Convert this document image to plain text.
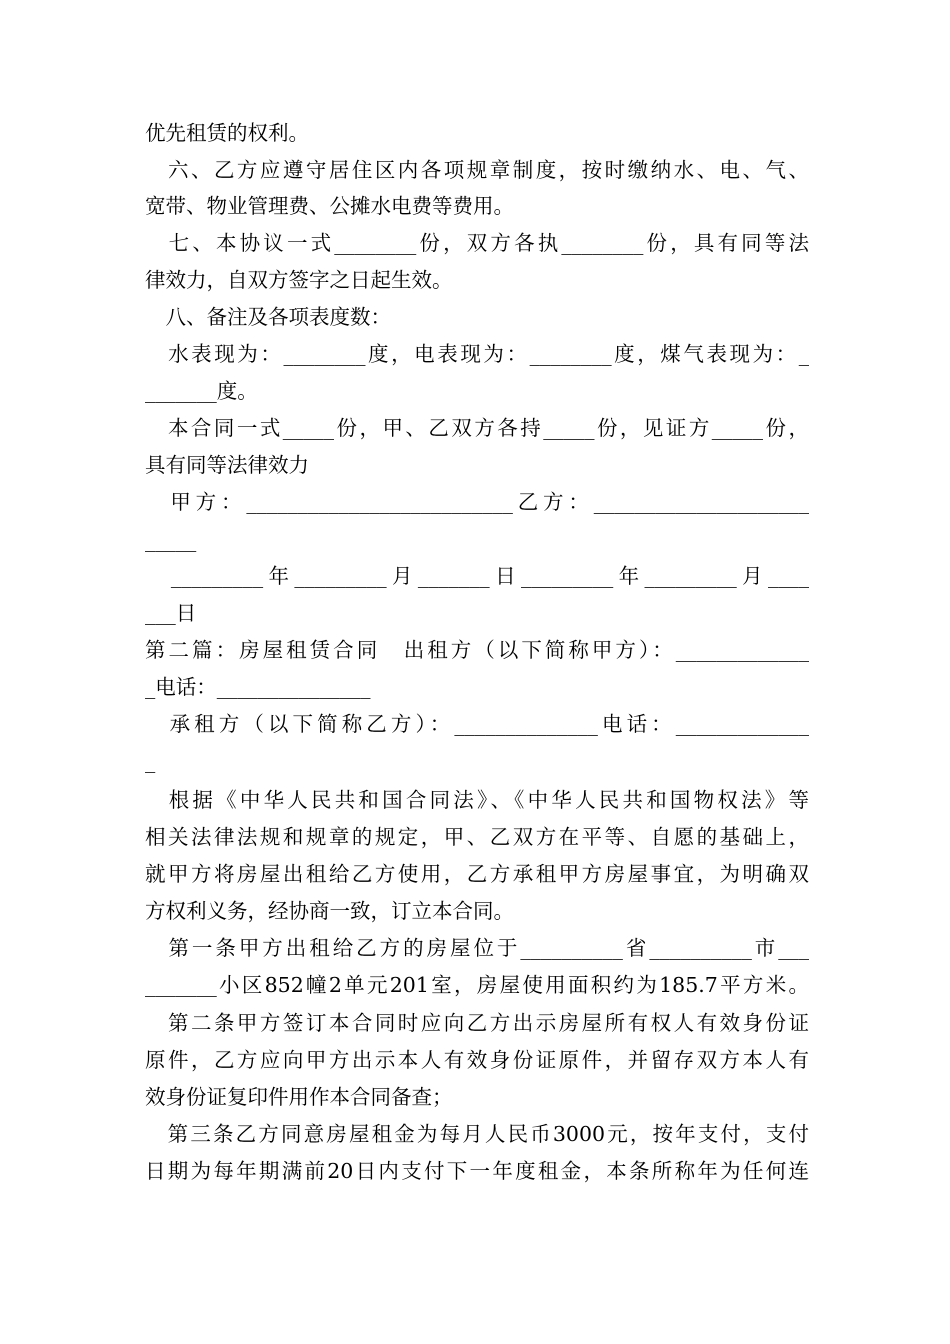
优先租赁的权利。
　六、乙方应遵守居住区内各项规章制度，按时缴纳水、电、气、
宽带、物业管理费、公摊水电费等费用。
　七、本协议一式________份，双方各执________份，具有同等法
律效力，自双方签字之日起生效。
　八、备注及各项表度数：
　水表现为：________度，电表现为：________度，煤气表现为：_
_______度。
　本合同一式_____份，甲、乙双方各持_____份，见证方_____份，
具有同等法律效力
　甲方：__________________________乙方：_____________________
_____
　_________年_________月_______日_________年_________月____
___日
第二篇：房屋租赁合同　出租方（以下简称甲方）：_____________
_电话：_______________
　承租方（以下简称乙方）：______________电话：_____________
_
　根据《中华人民共和国合同法》、《中华人民共和国物权法》等
相关法律法规和规章的规定，甲、乙双方在平等、自愿的基础上，
就甲方将房屋出租给乙方使用，乙方承租甲方房屋事宜，为明确双
方权利义务，经协商一致，订立本合同。
　第一条甲方出租给乙方的房屋位于__________省__________市___
_______小区852幢2单元201室，房屋使用面积约为185.7平方米。
　第二条甲方签订本合同时应向乙方出示房屋所有权人有效身份证
原件，乙方应向甲方出示本人有效身份证原件，并留存双方本人有
效身份证复印件用作本合同备查；
　第三条乙方同意房屋租金为每月人民币3000元，按年支付，支付
日期为每年期满前20日内支付下一年度租金，本条所称年为任何连
